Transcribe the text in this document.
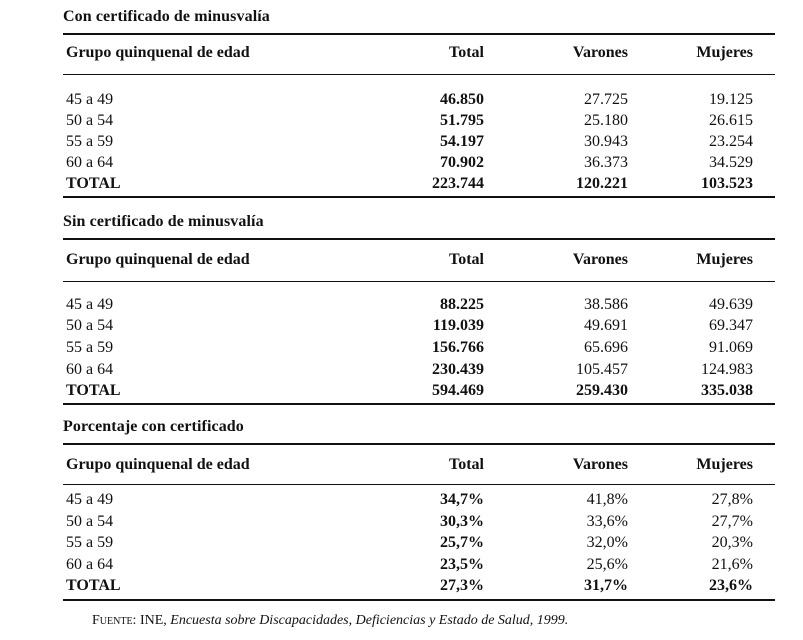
Con certificado de minusvalía
Grupo quinquenal de edad	Total	Varones	Mujeres
45 a 49	46.850	27.725	19.125
50 a 54	51.795	25.180	26.615
55 a 59	54.197	30.943	23.254
60 a 64	70.902	36.373	34.529
TOTAL	223.744	120.221	103.523
Sin certificado de minusvalía
Grupo quinquenal de edad	Total	Varones	Mujeres
45 a 49	88.225	38.586	49.639
50 a 54	119.039	49.691	69.347
55 a 59	156.766	65.696	91.069
60 a 64	230.439	105.457	124.983
TOTAL	594.469	259.430	335.038
Porcentaje con certificado
Grupo quinquenal de edad	Total	Varones	Mujeres
45 a 49	34,7%	41,8%	27,8%
50 a 54	30,3%	33,6%	27,7%
55 a 59	25,7%	32,0%	20,3%
60 a 64	23,5%	25,6%	21,6%
TOTAL	27,3%	31,7%	23,6%
Fuente: INE, Encuesta sobre Discapacidades, Deficiencias y Estado de Salud, 1999.
